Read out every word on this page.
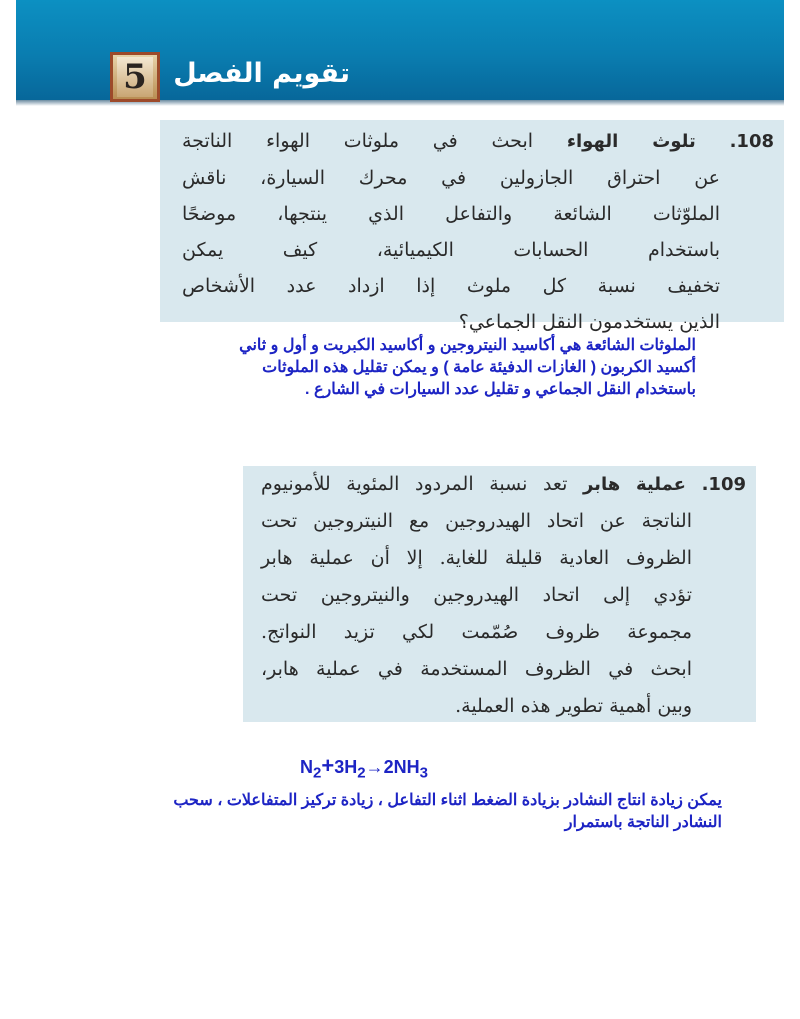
تقويم الفصل
5
108. تلوث الهواء ابحث في ملوثات الهواء الناتجة
عن احتراق الجازولين في محرك السيارة، ناقش
الملوّثات الشائعة والتفاعل الذي ينتجها، موضحًا
باستخدام الحسابات الكيميائية، كيف يمكن
تخفيف نسبة كل ملوث إذا ازداد عدد الأشخاص
الذين يستخدمون النقل الجماعي؟
الملوثات الشائعة هي أكاسيد النيتروجين و أكاسيد الكبريت و أول و ثاني
أكسيد الكربون ( الغازات الدفيئة عامة ) و يمكن تقليل هذه الملوثات
باستخدام النقل الجماعي و تقليل عدد السيارات في الشارع .
109. عملية هابر تعد نسبة المردود المئوية للأمونيوم
الناتجة عن اتحاد الهيدروجين مع النيتروجين تحت
الظروف العادية قليلة للغاية. إلا أن عملية هابر
تؤدي إلى اتحاد الهيدروجين والنيتروجين تحت
مجموعة ظروف صُمّمت لكي تزيد النواتج.
ابحث في الظروف المستخدمة في عملية هابر،
وبين أهمية تطوير هذه العملية.
$N_2+3H_2\to 2NH_3$
يمكن زيادة انتاج النشادر بزيادة الضغط اثناء التفاعل ، زيادة تركيز المتفاعلات ، سحب
النشادر الناتجة باستمرار
